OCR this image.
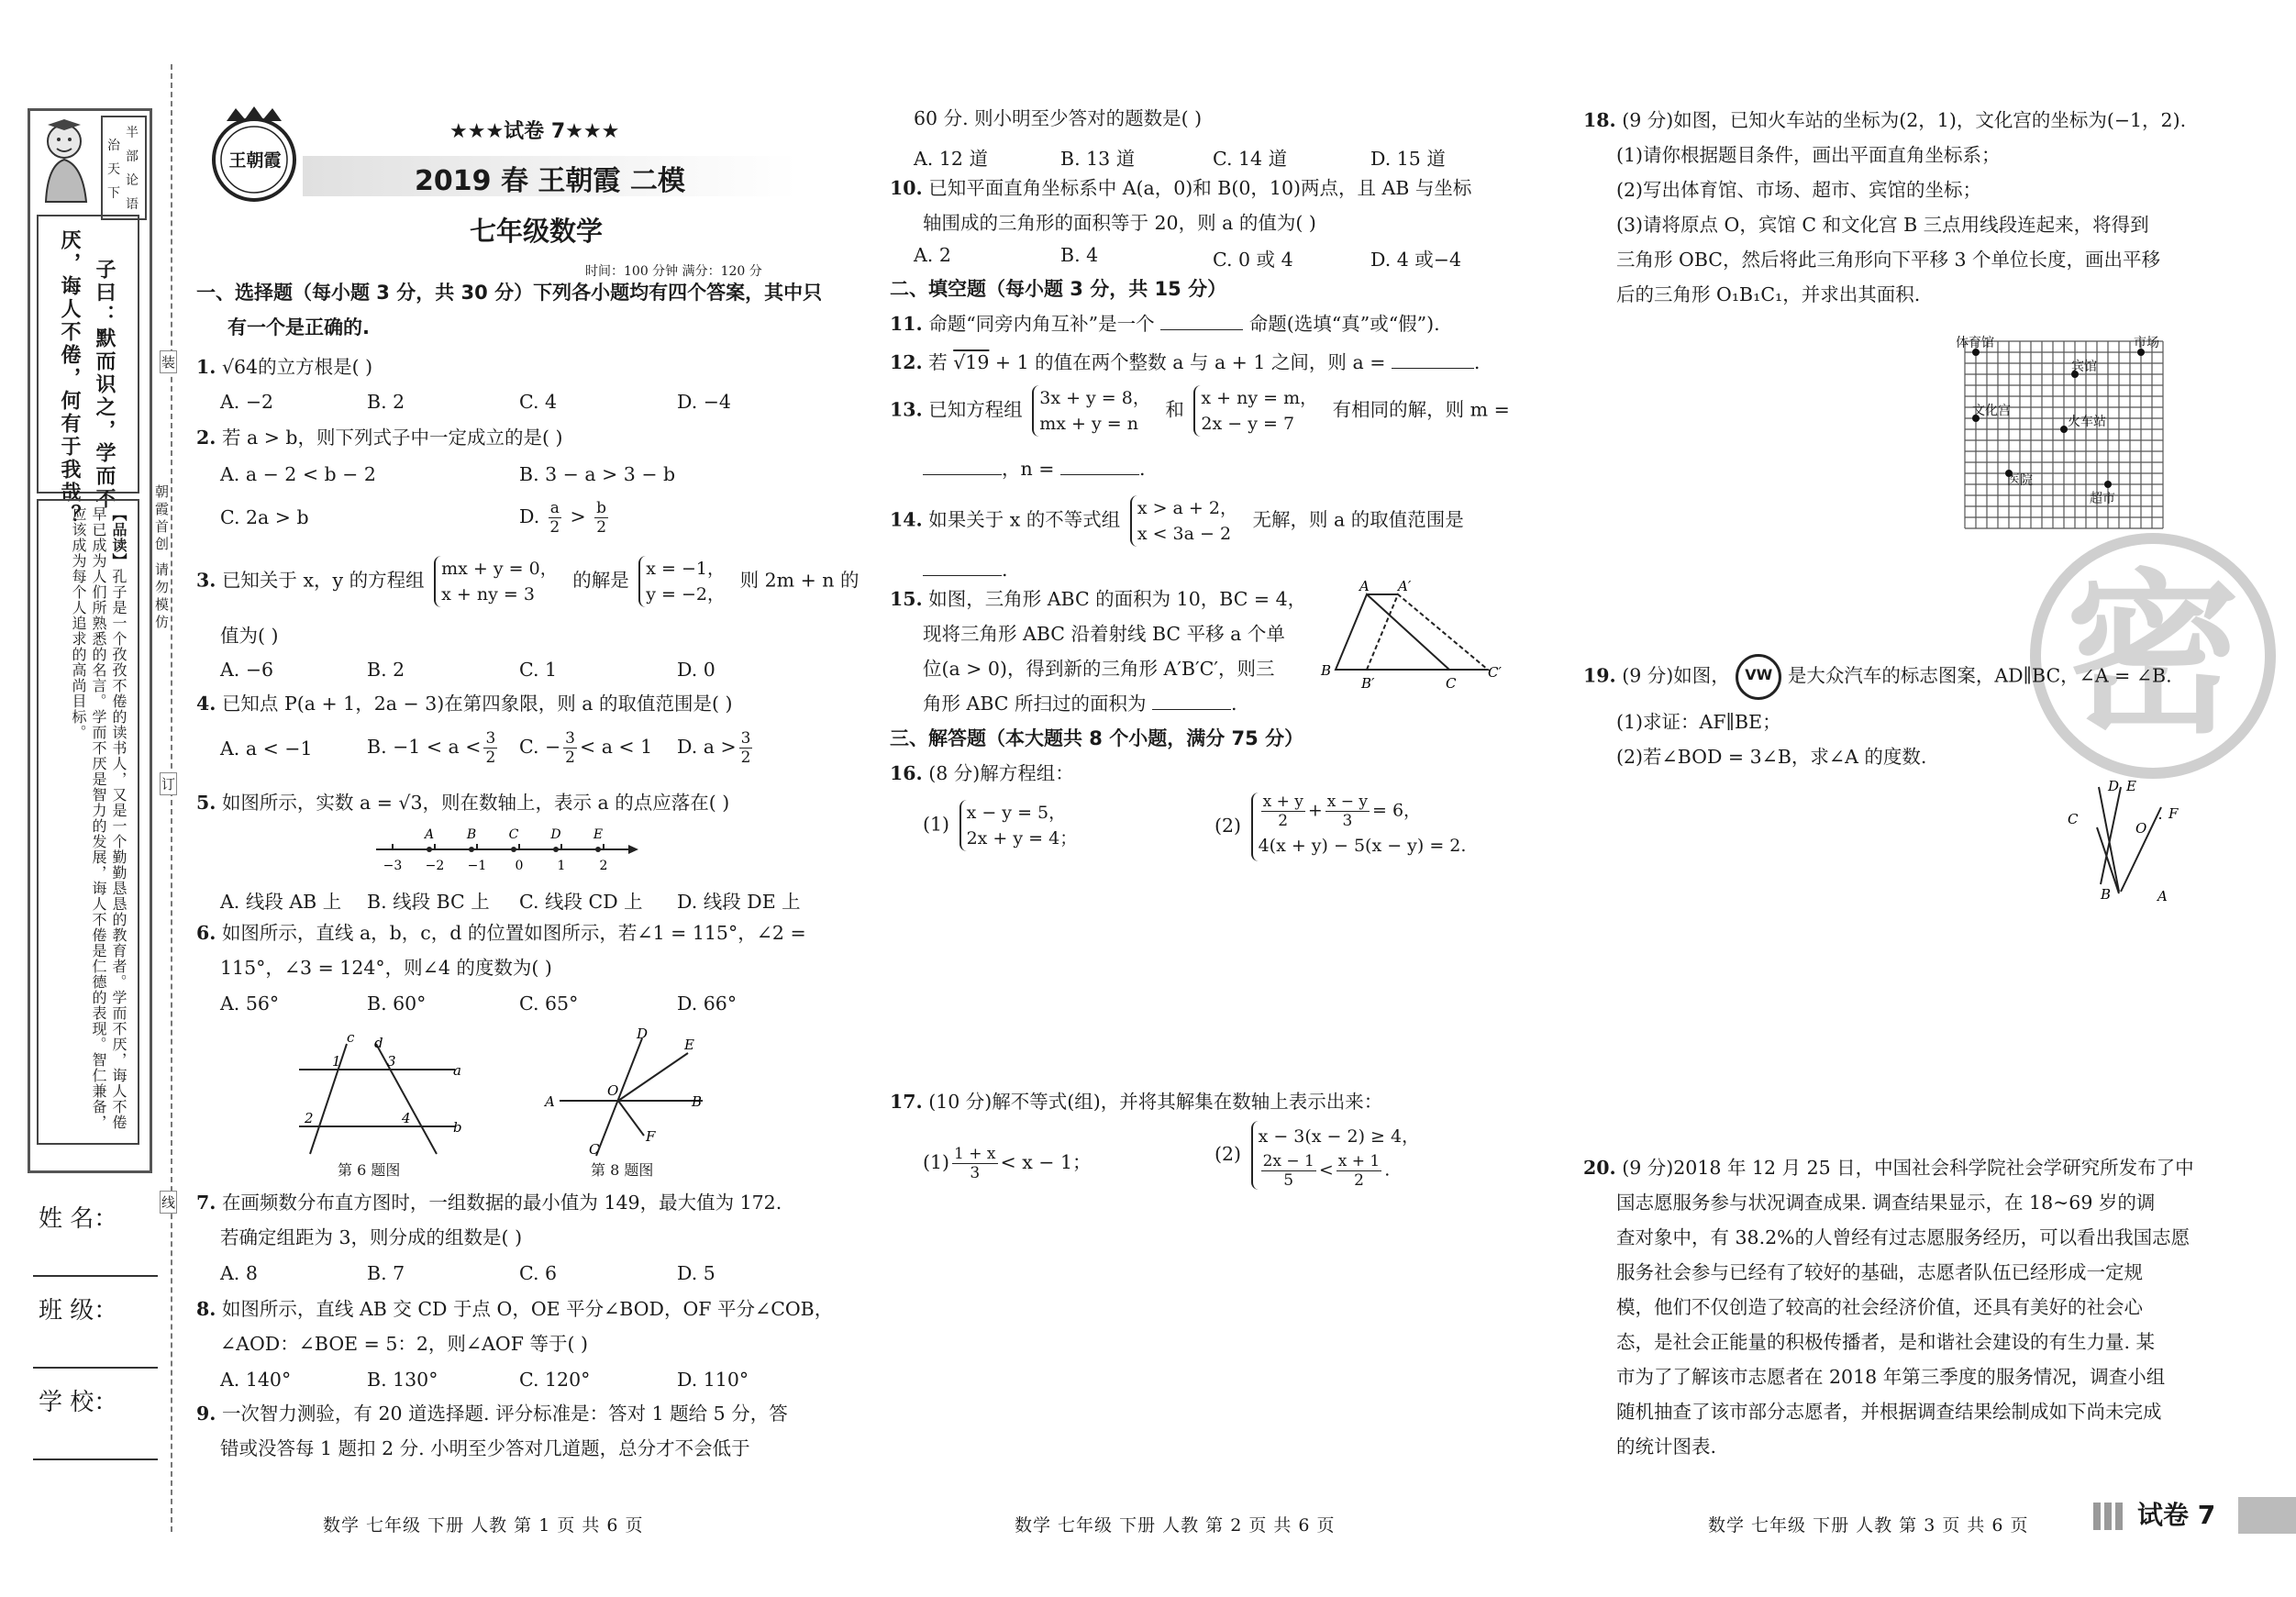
半
部
论
语
治
天
下
子曰：默而识之，学而不
厌，诲人不倦，何有于我哉？
【品读】孔子是一个孜孜不倦的读书人，又是一个勤勤恳恳的教育者。学而不厌，诲人不倦早已成为人们所熟悉的名言。学而不厌是智力的发展，诲人不倦是仁德的表现。智仁兼备，应该成为每个人追求的高尚目标。	朝霞首创 请勿模仿
装
订
线
姓 名：
班 级：
学 校：
王朝霞
★★★试卷 7★★★
2019 春 王朝霞 二模
七年级数学
时间：100 分钟 满分：120 分
一、选择题（每小题 3 分，共 30 分）下列各小题均有四个答案，其中只
有一个是正确的.
1. √64的立方根是( )
A. −2	B. 2	C. 4	D. −4
2. 若 a > b，则下列式子中一定成立的是( )
A. a − 2 < b − 2	B. 3 − a > 3 − b
C. 2a > b	D. $\frac{a}{2} > \frac{b}{2}$
3. 已知关于 x，y 的方程组 mx + y = 0，
x + ny = 3 的解是 x = −1，
y = −2， 则 2m + n 的
值为( )
A. −6	B. 2	C. 1	D. 0
4. 已知点 P(a + 1，2a − 3)在第四象限，则 a 的取值范围是( )
A. a < −1	B. $-1 < a < \frac{3}{2} C$. − $\frac{3}{2} < a < 1$ D. $a > \frac{3}{2}$
5. 如图所示，实数 a = √3，则在数轴上，表示 a 的点应落在( )
A	B	C	D	E
−3 −2 −1 0	1	2
A. 线段 AB 上 B. 线段 BC 上 C. 线段 CD 上 D. 线段 DE 上
6. 如图所示，直线 a，b，c，d 的位置如图所示，若∠1 = 115°，∠2 =
115°，∠3 = 124°，则∠4 的度数为( )
A. 56°	B. 60°	C. 65°	D. 66°
c d
1	3
a
2	4
b
第 6 题图
D
E
A
O
B
C
F
第 8 题图
7. 在画频数分布直方图时，一组数据的最小值为 149，最大值为 172.
若确定组距为 3，则分成的组数是( )
A. 8	B. 7	C. 6	D. 5
8. 如图所示，直线 AB 交 CD 于点 O，OE 平分∠BOD，OF 平分∠COB，
∠AOD：∠BOE = 5：2，则∠AOF 等于( )
A. 140°	B. 130°	C. 120°	D. 110°
9. 一次智力测验，有 20 道选择题. 评分标准是：答对 1 题给 5 分，答
错或没答每 1 题扣 2 分. 小明至少答对几道题，总分才不会低于
数学 七年级 下册 人教 第 1 页 共 6 页
60 分. 则小明至少答对的题数是( )
A. 12 道	B. 13 道	C. 14 道	D. 15 道
10. 已知平面直角坐标系中 A(a，0)和 B(0，10)两点，且 AB 与坐标
轴围成的三角形的面积等于 20，则 a 的值为( )
A. 2	B. 4	C. 0 或 4	D. 4 或−4
二、填空题（每小题 3 分，共 15 分）
11. 命题“同旁内角互补”是一个	命题(选填“真”或“假”).
12. 若 √19 + 1 的值在两个整数 a 与 a + 1 之间，则 a =	.
13. 已知方程组 3x + y = 8，
mx + y = n 和 x + ny = m，
2x − y = 7 有相同的解，则 m =
，n =	.
14. 如果关于 x 的不等式组 x > a + 2，
x < 3a − 2 无解，则 a 的取值范围是
.
15. 如图，三角形 ABC 的面积为 10，BC = 4，
现将三角形 ABC 沿着射线 BC 平移 a 个单
位(a > 0)，得到新的三角形 A′B′C′，则三
角形 ABC 所扫过的面积为	.
A A′
B
B′	C
C′
三、解答题（本大题共 8 个小题，满分 75 分）
16. (8 分)解方程组：
(1) x − y = 5，
2x + y = 4；
$(2) \frac{x + y}{2} + \frac{x - y}{3} = 6$，
4(x + y) − 5(x − y) = 2.
17. (10 分)解不等式(组)，并将其解集在数轴上表示出来：
$(1) \frac{1 + x}{3} < x - 1$；	(2) x − 3(x − 2) ≥ 4，

$\frac{2x - 1}{5} < \frac{x + 1}{2}$ .
数学 七年级 下册 人教 第 2 页 共 6 页
18. (9 分)如图，已知火车站的坐标为(2，1)，文化宫的坐标为(−1，2).
(1)请你根据题目条件，画出平面直角坐标系；
(2)写出体育馆、市场、超市、宾馆的坐标；
(3)请将原点 O，宾馆 C 和文化宫 B 三点用线段连起来，将得到
三角形 OBC，然后将此三角形向下平移 3 个单位长度，画出平移
后的三角形 O₁B₁C₁，并求出其面积.
体育馆	市场
宾馆
文化宫
火车站
医院
超市
密
19. (9 分)如图， VW 是大众汽车的标志图案，AD∥BC，∠A = ∠B.
(1)求证：AF∥BE；
(2)若∠BOD = 3∠B，求∠A 的度数.
D E
C
O
F
B	A
20. (9 分)2018 年 12 月 25 日，中国社会科学院社会学研究所发布了中
国志愿服务参与状况调查成果. 调查结果显示，在 18~69 岁的调
查对象中，有 38.2%的人曾经有过志愿服务经历，可以看出我国志愿
服务社会参与已经有了较好的基础，志愿者队伍已经形成一定规
模，他们不仅创造了较高的社会经济价值，还具有美好的社会心
态，是社会正能量的积极传播者，是和谐社会建设的有生力量. 某
市为了了解该市志愿者在 2018 年第三季度的服务情况，调查小组
随机抽查了该市部分志愿者，并根据调查结果绘制成如下尚未完成
的统计图表.
数学 七年级 下册 人教 第 3 页 共 6 页	试卷 7
